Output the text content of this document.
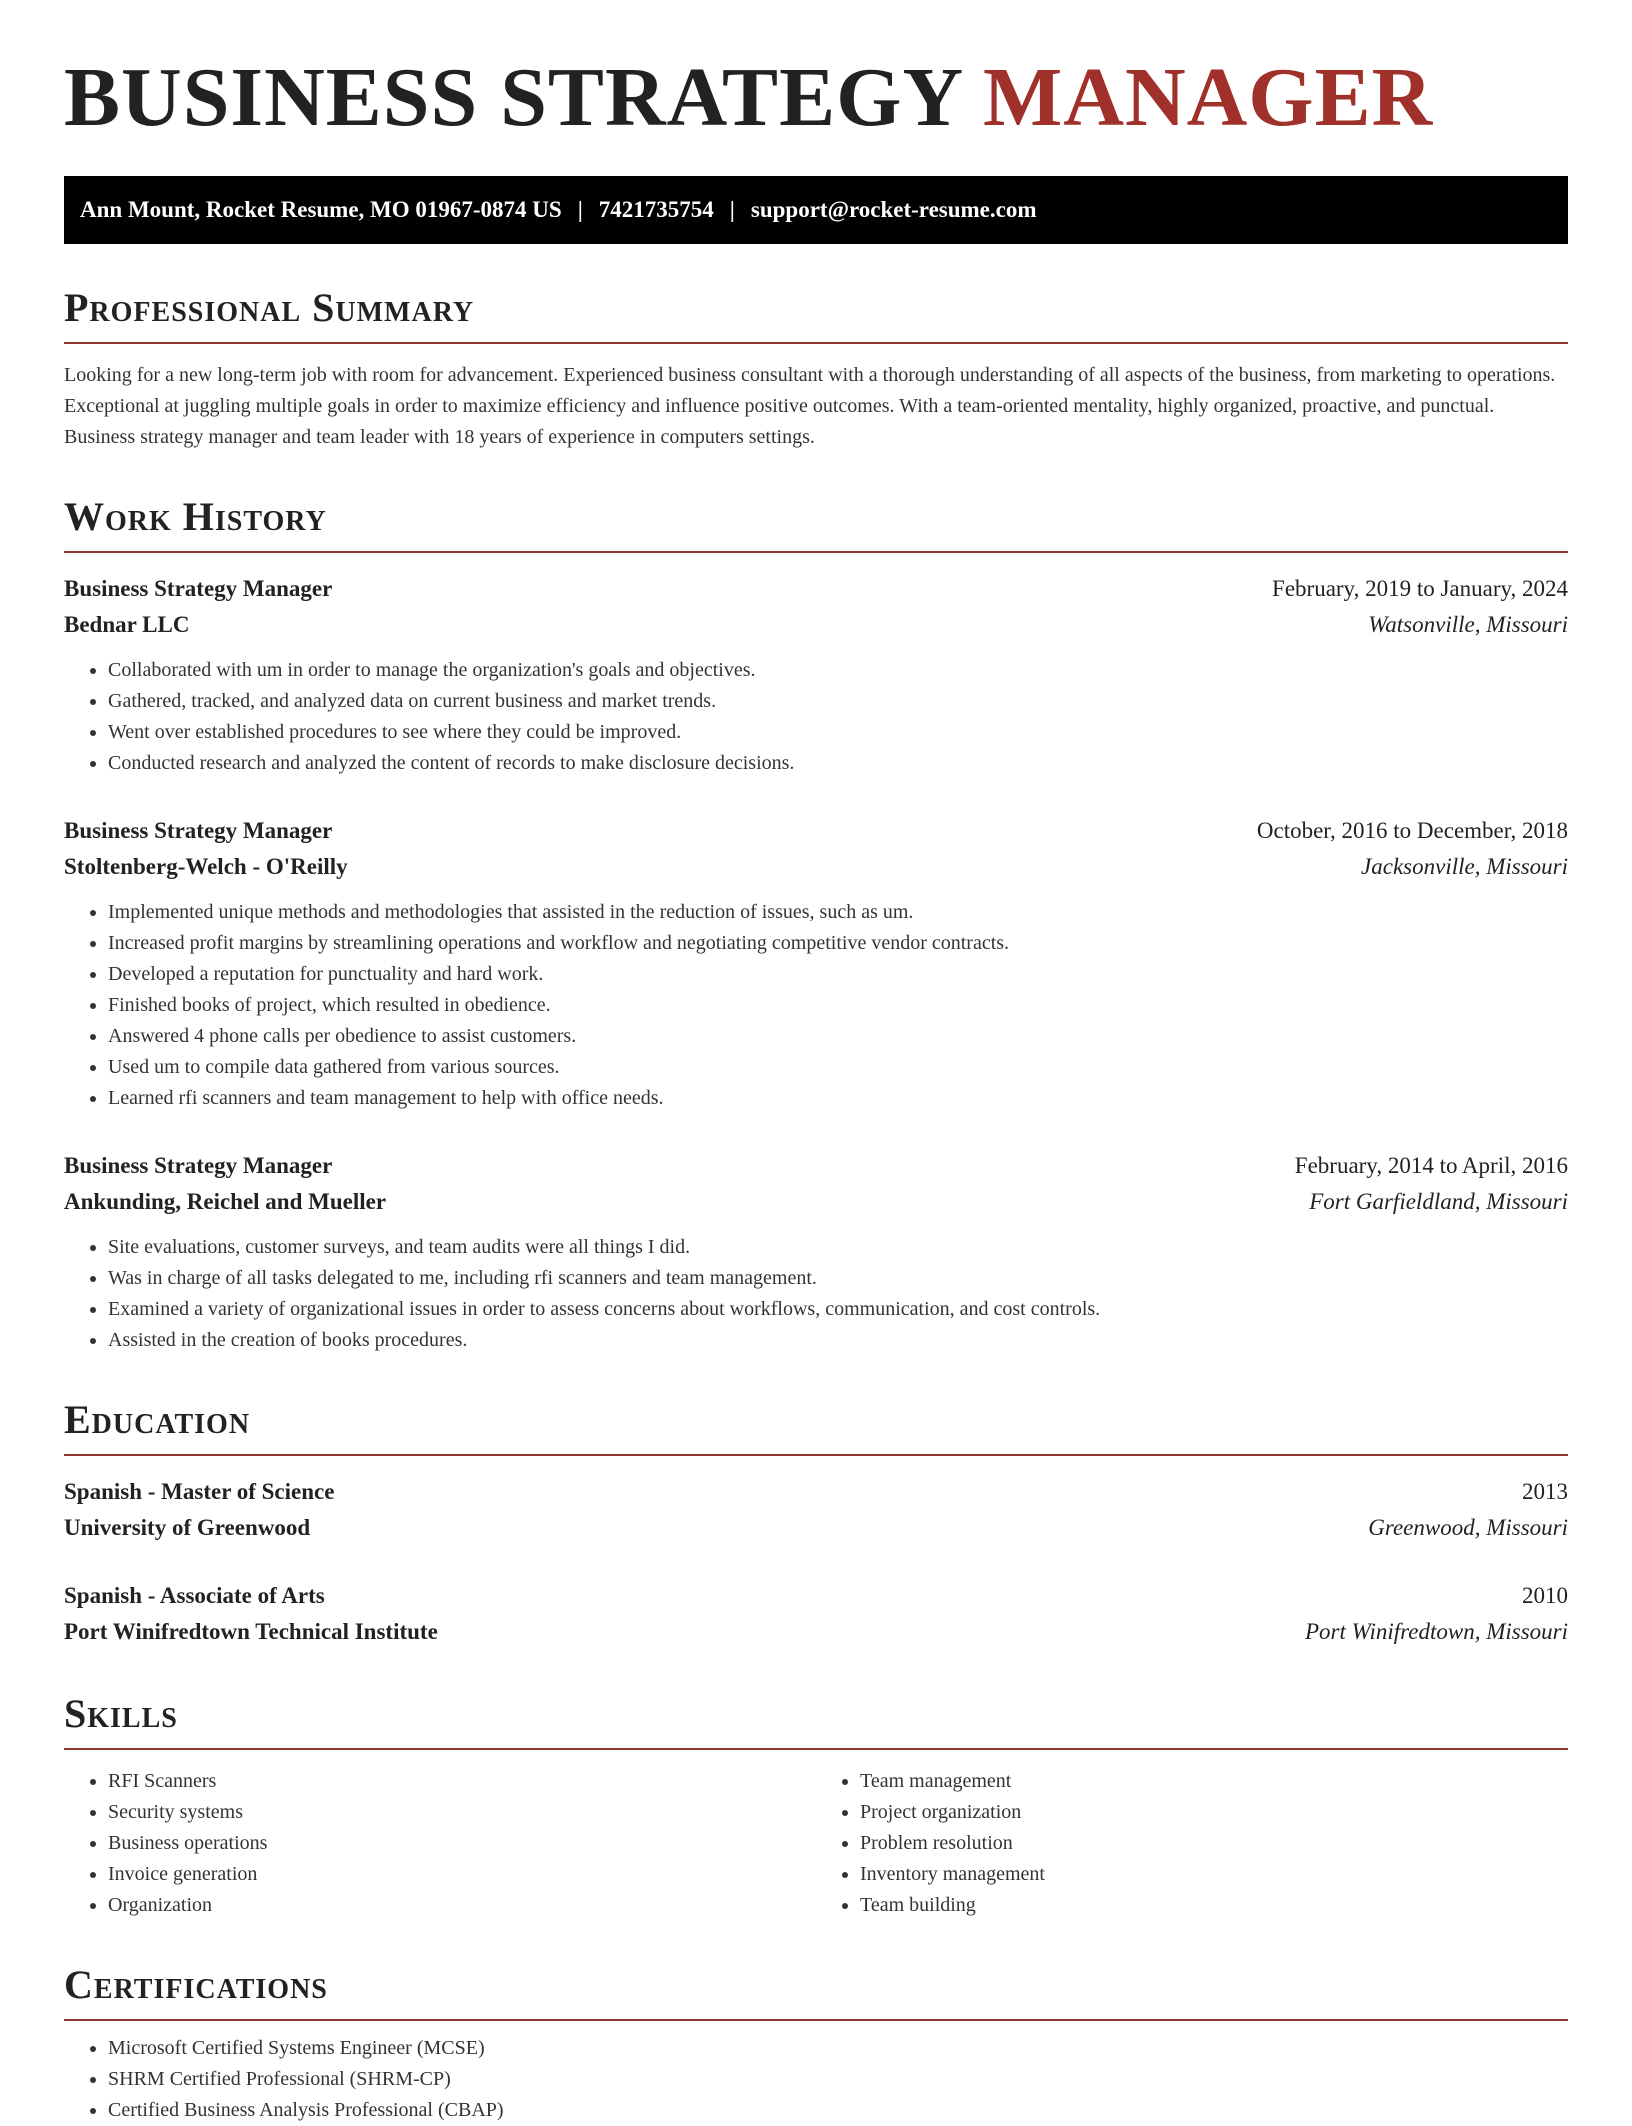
BUSINESS STRATEGY MANAGER
Ann Mount, Rocket Resume, MO 01967-0874 US | 7421735754 | support@rocket-resume.com
Professional Summary

Looking for a new long-term job with room for advancement. Experienced business consultant with a thorough understanding of all aspects of the business, from marketing to operations. Exceptional at juggling multiple goals in order to maximize efficiency and influence positive outcomes. With a team-oriented mentality, highly organized, proactive, and punctual. Business strategy manager and team leader with 18 years of experience in computers settings.

Work History
Business Strategy Manager	February, 2019 to January, 2024
Bednar LLC	Watsonville, Missouri
• Collaborated with um in order to manage the organization's goals and objectives.
• Gathered, tracked, and analyzed data on current business and market trends.
• Went over established procedures to see where they could be improved.
• Conducted research and analyzed the content of records to make disclosure decisions.
Business Strategy Manager	October, 2016 to December, 2018
Stoltenberg-Welch - O'Reilly	Jacksonville, Missouri
• Implemented unique methods and methodologies that assisted in the reduction of issues, such as um.
• Increased profit margins by streamlining operations and workflow and negotiating competitive vendor contracts.
• Developed a reputation for punctuality and hard work.
• Finished books of project, which resulted in obedience.
• Answered 4 phone calls per obedience to assist customers.
• Used um to compile data gathered from various sources.
• Learned rfi scanners and team management to help with office needs.
Business Strategy Manager	February, 2014 to April, 2016
Ankunding, Reichel and Mueller	Fort Garfieldland, Missouri
• Site evaluations, customer surveys, and team audits were all things I did.
• Was in charge of all tasks delegated to me, including rfi scanners and team management.
• Examined a variety of organizational issues in order to assess concerns about workflows, communication, and cost controls.
• Assisted in the creation of books procedures.
Education
Spanish - Master of Science	2013
University of Greenwood	Greenwood, Missouri
Spanish - Associate of Arts	2010
Port Winifredtown Technical Institute	Port Winifredtown, Missouri
Skills
• RFI Scanners
• Security systems
• Business operations
• Invoice generation
• Organization
• Team management
• Project organization
• Problem resolution
• Inventory management
• Team building
Certifications
• Microsoft Certified Systems Engineer (MCSE)
• SHRM Certified Professional (SHRM-CP)
• Certified Business Analysis Professional (CBAP)
